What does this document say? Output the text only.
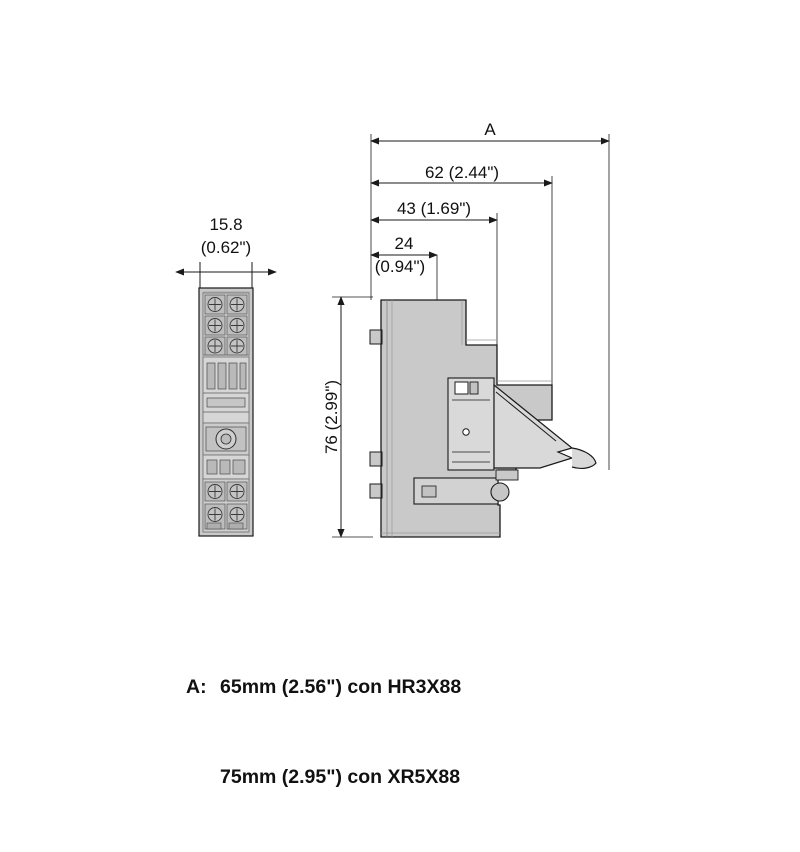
15.8
(0.62")
A
62 (2.44")
43 (1.69")
24
(0.94")
76 (2.99")

A: 65mm (2.56") con HR3X88

75mm (2.95") con XR5X88
